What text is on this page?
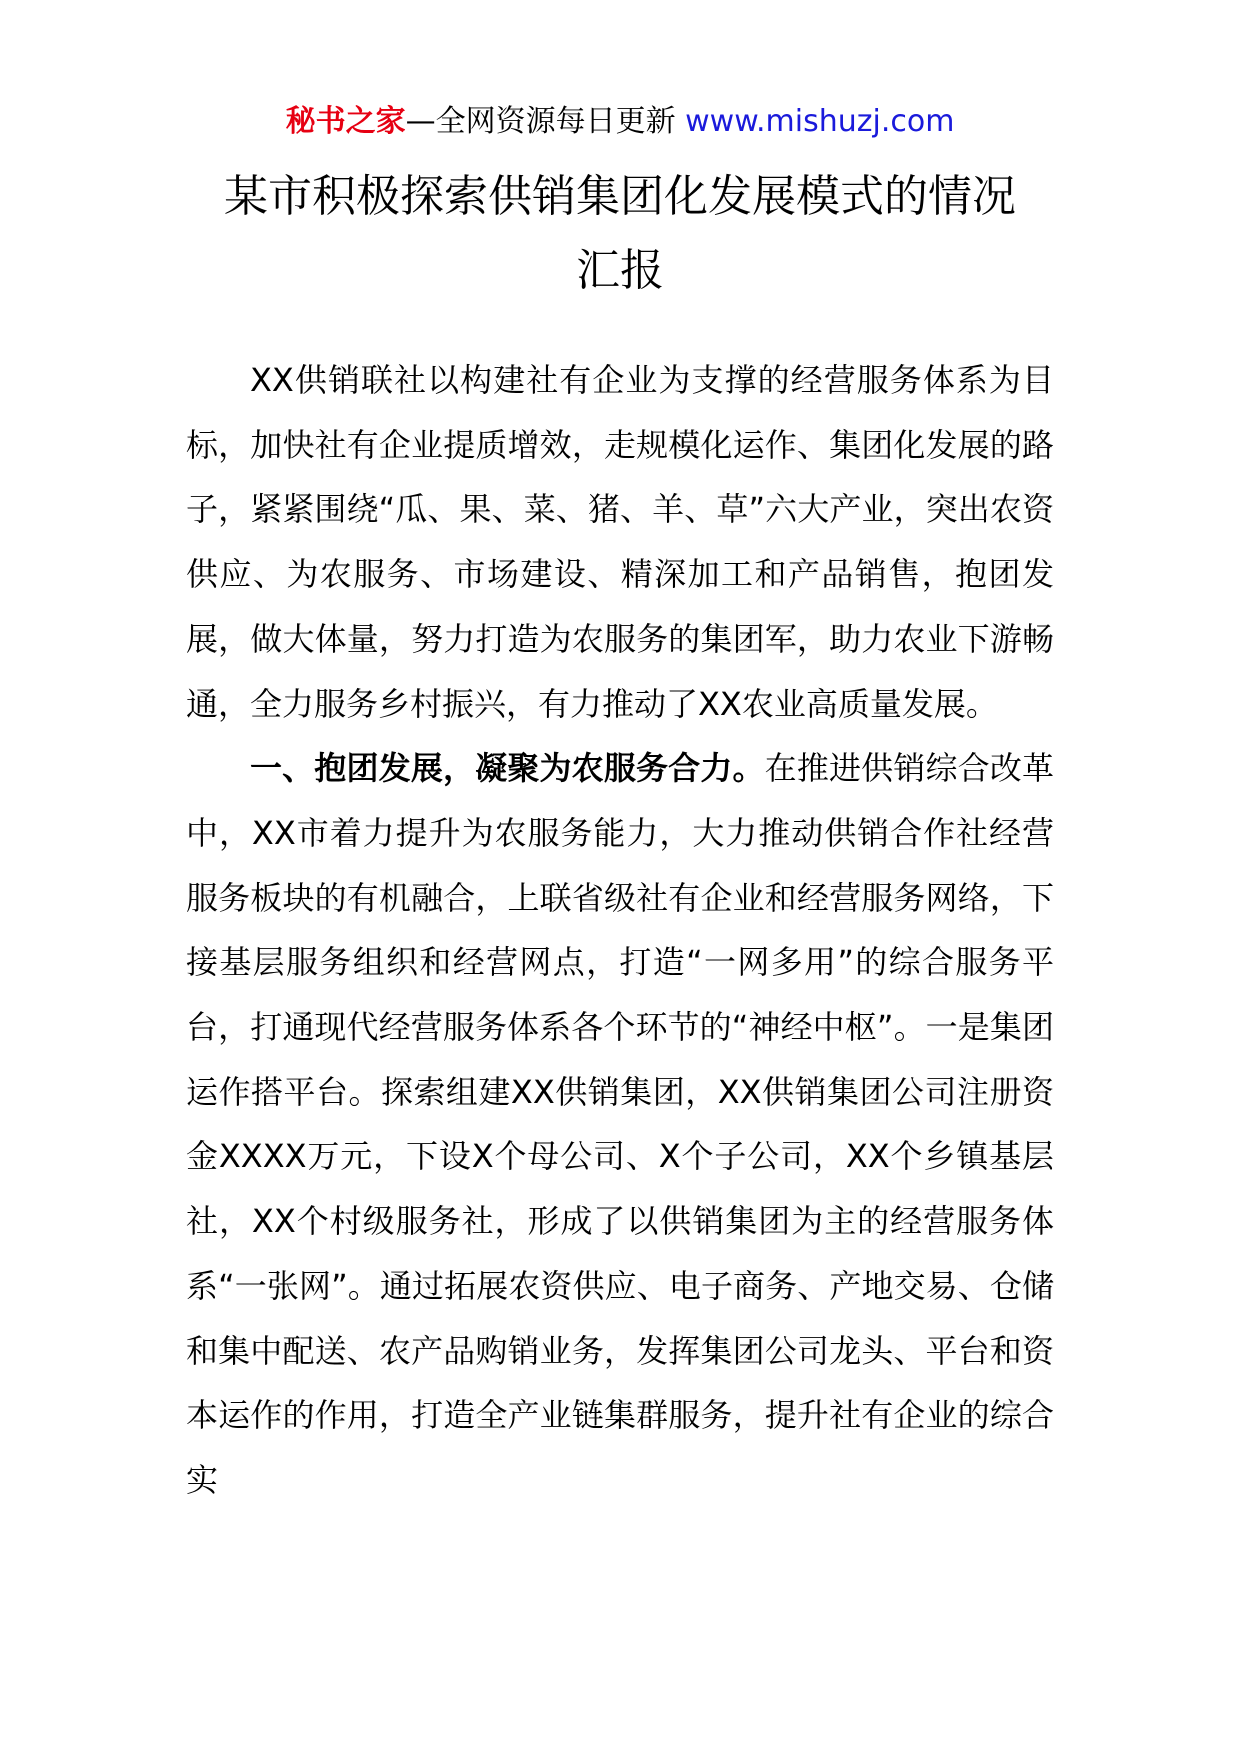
秘书之家—全网资源每日更新 www.mishuzj.com
某市积极探索供销集团化发展模式的情况
汇报

XX供销联社以构建社有企业为支撑的经营服务体系为目标，加快社有企业提质增效，走规模化运作、集团化发展的路子，紧紧围绕“瓜、果、菜、猪、羊、草”六大产业，突出农资供应、为农服务、市场建设、精深加工和产品销售，抱团发展，做大体量，努力打造为农服务的集团军，助力农业下游畅通，全力服务乡村振兴，有力推动了XX农业高质量发展。

一、抱团发展，凝聚为农服务合力。在推进供销综合改革中，XX市着力提升为农服务能力，大力推动供销合作社经营服务板块的有机融合，上联省级社有企业和经营服务网络，下接基层服务组织和经营网点，打造“一网多用”的综合服务平台，打通现代经营服务体系各个环节的“神经中枢”。一是集团运作搭平台。探索组建XX供销集团，XX供销集团公司注册资金XXXX万元，下设X个母公司、X个子公司，XX个乡镇基层社，XX个村级服务社，形成了以供销集团为主的经营服务体系“一张网”。通过拓展农资供应、电子商务、产地交易、仓储和集中配送、农产品购销业务，发挥集团公司龙头、平台和资本运作的作用，打造全产业链集群服务，提升社有企业的综合实
